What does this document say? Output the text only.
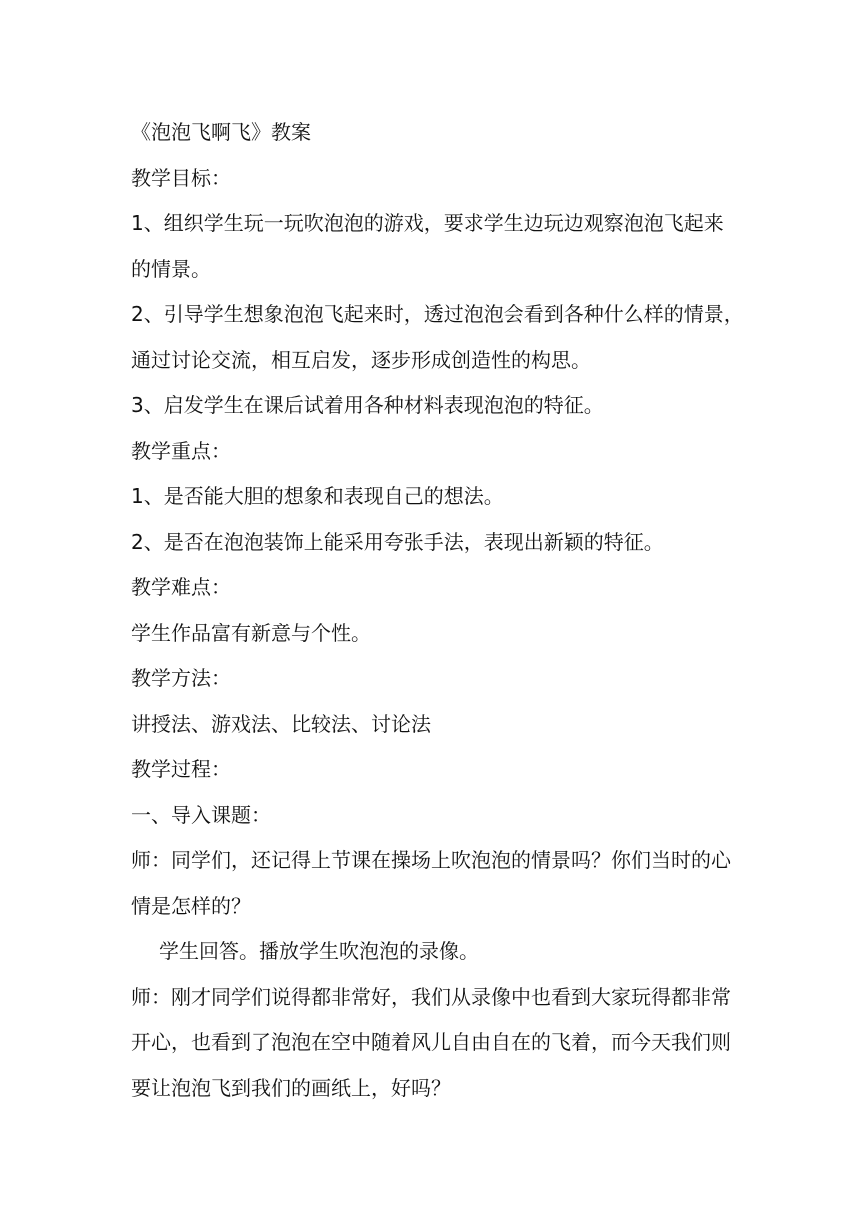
《泡泡飞啊飞》教案

教学目标：

1、组织学生玩一玩吹泡泡的游戏，要求学生边玩边观察泡泡飞起来

的情景。

2、引导学生想象泡泡飞起来时，透过泡泡会看到各种什么样的情景，

通过讨论交流，相互启发，逐步形成创造性的构思。

3、启发学生在课后试着用各种材料表现泡泡的特征。

教学重点：

1、是否能大胆的想象和表现自己的想法。

2、是否在泡泡装饰上能采用夸张手法，表现出新颖的特征。

教学难点：

学生作品富有新意与个性。

教学方法：

讲授法、游戏法、比较法、讨论法

教学过程：

一、导入课题：

师：同学们，还记得上节课在操场上吹泡泡的情景吗？你们当时的心

情是怎样的？

学生回答。播放学生吹泡泡的录像。

师：刚才同学们说得都非常好，我们从录像中也看到大家玩得都非常

开心，也看到了泡泡在空中随着风儿自由自在的飞着，而今天我们则

要让泡泡飞到我们的画纸上，好吗？
